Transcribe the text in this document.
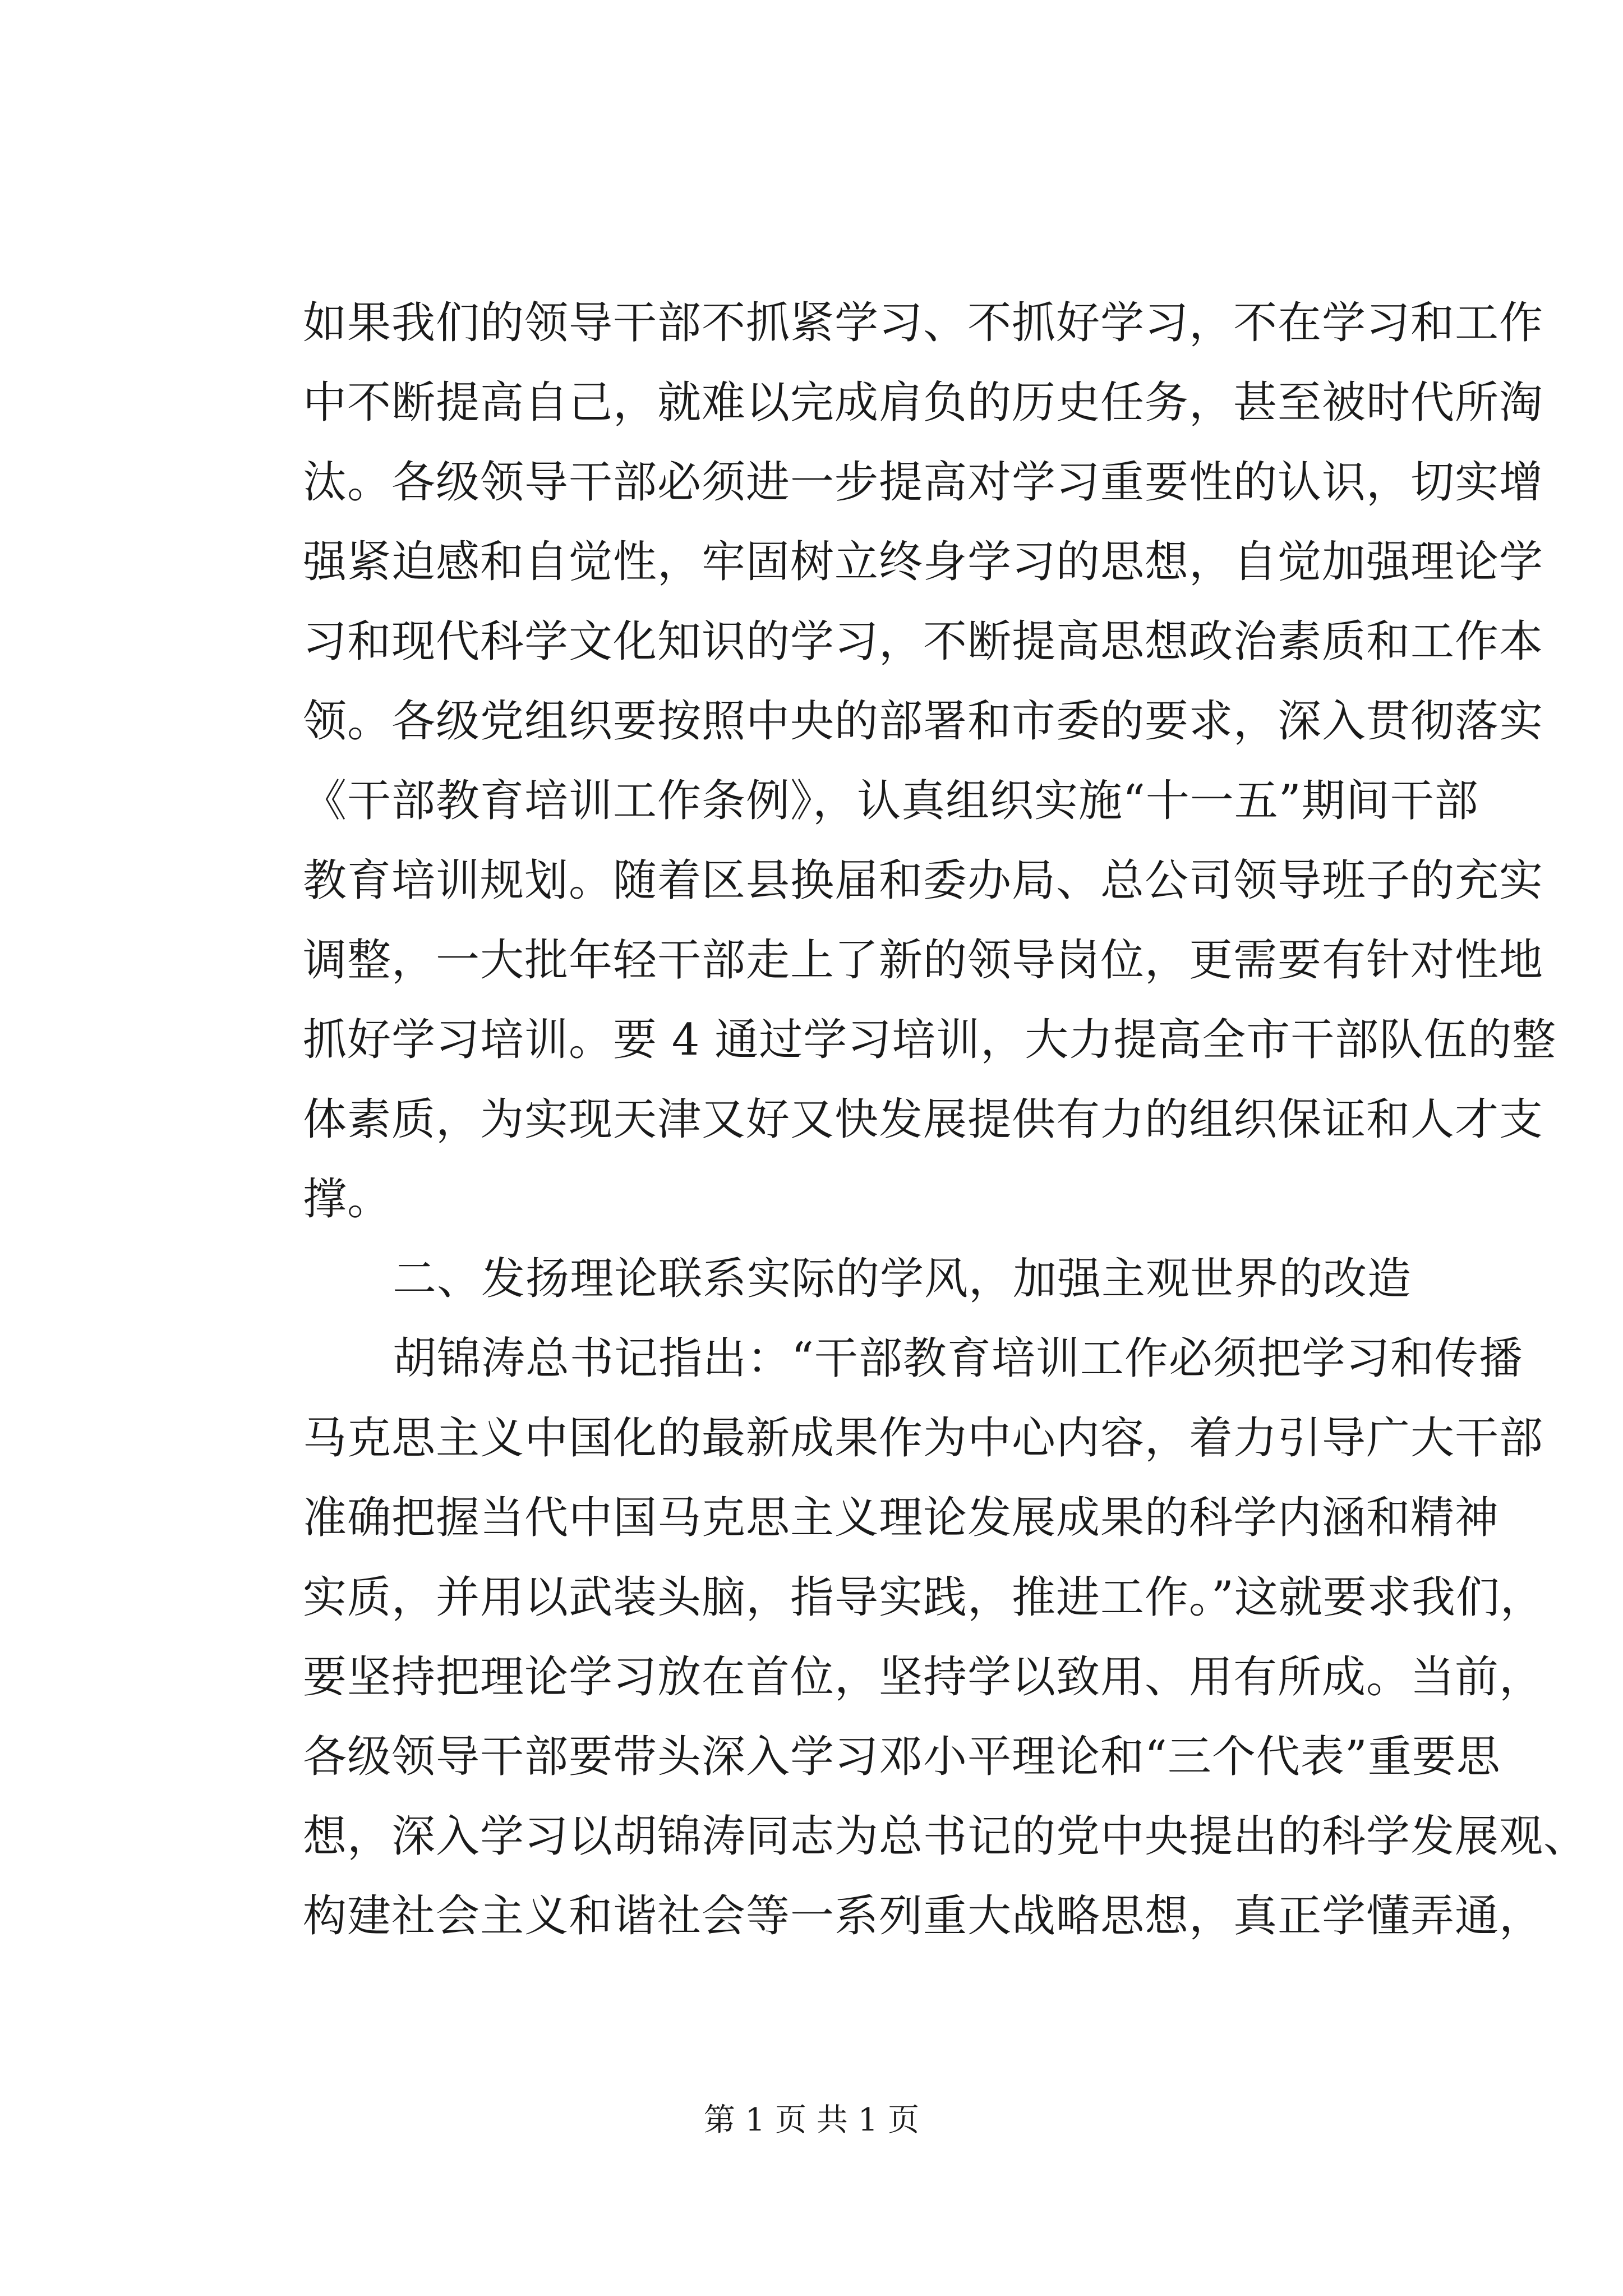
如果我们的领导干部不抓紧学习、不抓好学习，不在学习和工作
中不断提高自己，就难以完成肩负的历史任务，甚至被时代所淘
汰。各级领导干部必须进一步提高对学习重要性的认识，切实增
强紧迫感和自觉性，牢固树立终身学习的思想，自觉加强理论学
习和现代科学文化知识的学习，不断提高思想政治素质和工作本
领。各级党组织要按照中央的部署和市委的要求，深入贯彻落实
《干部教育培训工作条例》，认真组织实施“十一五”期间干部
教育培训规划。随着区县换届和委办局、总公司领导班子的充实
调整，一大批年轻干部走上了新的领导岗位，更需要有针对性地
抓好学习培训。要 4 通过学习培训，大力提高全市干部队伍的整
体素质，为实现天津又好又快发展提供有力的组织保证和人才支
撑。
二、发扬理论联系实际的学风，加强主观世界的改造
胡锦涛总书记指出：“干部教育培训工作必须把学习和传播
马克思主义中国化的最新成果作为中心内容，着力引导广大干部
准确把握当代中国马克思主义理论发展成果的科学内涵和精神
实质，并用以武装头脑，指导实践，推进工作。”这就要求我们，
要坚持把理论学习放在首位，坚持学以致用、用有所成。当前，
各级领导干部要带头深入学习邓小平理论和“三个代表”重要思
想，深入学习以胡锦涛同志为总书记的党中央提出的科学发展观、
构建社会主义和谐社会等一系列重大战略思想，真正学懂弄通，
第 1 页 共 1 页
